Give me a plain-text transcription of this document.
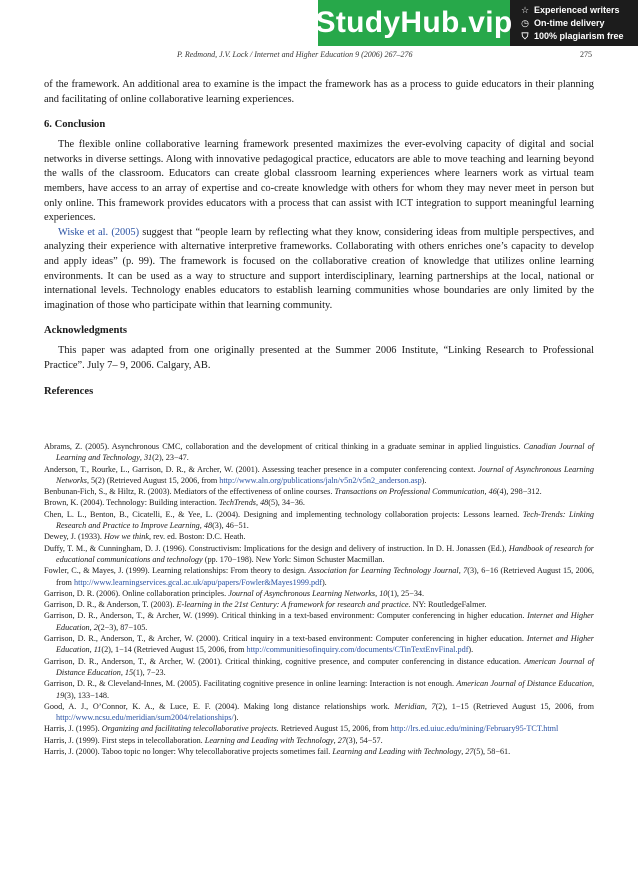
StudyHub.vip ☆ Experienced writers
◷ On-time delivery
⛉ 100% plagiarism free
P. Redmond, J.V. Lock / Internet and Higher Education 9 (2006) 267–276	275

of the framework. An additional area to examine is the impact the framework has as a process to guide educators in their planning and facilitating of online collaborative learning experiences.

6. Conclusion

The flexible online collaborative learning framework presented maximizes the ever-evolving capacity of digital and social networks in diverse settings. Along with innovative pedagogical practice, educators are able to move teaching and learning beyond the walls of the classroom. Educators can create global classroom learning experiences where learners work as virtual team members, have access to an array of expertise and co-create knowledge with others for whom they may never meet in person but only online. This framework provides educators with a process that can assist with ICT integration to support meaningful learning experiences.

Wiske et al. (2005) suggest that “people learn by reflecting what they know, considering ideas from multiple perspectives, and analyzing their experience with alternative interpretive frameworks. Collaborating with others enriches one’s capacity to develop and apply ideas” (p. 99). The framework is focused on the collaborative creation of knowledge that utilizes online learning environments. It can be used as a way to structure and support interdisciplinary, learning partnerships at the local, national or international levels. Technology enables educators to establish learning communities whose boundaries are only limited by the imagination of those who participate within that learning community.

Acknowledgments

This paper was adapted from one originally presented at the Summer 2006 Institute, “Linking Research to Professional Practice”. July 7– 9, 2006. Calgary, AB.

References

Abrams, Z. (2005). Asynchronous CMC, collaboration and the development of critical thinking in a graduate seminar in applied linguistics. Canadian Journal of Learning and Technology, 31(2), 23−47.

Anderson, T., Rourke, L., Garrison, D. R., & Archer, W. (2001). Assessing teacher presence in a computer conferencing context. Journal of Asynchronous Learning Networks, 5(2) (Retrieved August 15, 2006, from http://www.aln.org/publications/jaln/v5n2/v5n2_anderson.asp).

Benbunan-Fich, S., & Hiltz, R. (2003). Mediators of the effectiveness of online courses. Transactions on Professional Communication, 46(4), 298−312.

Brown, K. (2004). Technology: Building interaction. TechTrends, 48(5), 34−36.

Chen, L. L., Benton, B., Cicatelli, E., & Yee, L. (2004). Designing and implementing technology collaboration projects: Lessons learned. Tech-Trends: Linking Research and Practice to Improve Learning, 48(3), 46−51.

Dewey, J. (1933). How we think, rev. ed. Boston: D.C. Heath.

Duffy, T. M., & Cunningham, D. J. (1996). Constructivism: Implications for the design and delivery of instruction. In D. H. Jonassen (Ed.), Handbook of research for educational communications and technology (pp. 170−198). New York: Simon Schuster Macmillan.

Fowler, C., & Mayes, J. (1999). Learning relationships: From theory to design. Association for Learning Technology Journal, 7(3), 6−16 (Retrieved August 15, 2006, from http://www.learningservices.gcal.ac.uk/apu/papers/Fowler&Mayes1999.pdf).

Garrison, D. R. (2006). Online collaboration principles. Journal of Asynchronous Learning Networks, 10(1), 25−34.

Garrison, D. R., & Anderson, T. (2003). E-learning in the 21st Century: A framework for research and practice. NY: RoutledgeFalmer.

Garrison, D. R., Anderson, T., & Archer, W. (1999). Critical thinking in a text-based environment: Computer conferencing in higher education. Internet and Higher Education, 2(2−3), 87−105.

Garrison, D. R., Anderson, T., & Archer, W. (2000). Critical inquiry in a text-based environment: Computer conferencing in higher education. Internet and Higher Education, 11(2), 1−14 (Retrieved August 15, 2006, from http://communitiesofinquiry.com/documents/CTinTextEnvFinal.pdf).

Garrison, D. R., Anderson, T., & Archer, W. (2001). Critical thinking, cognitive presence, and computer conferencing in distance education. American Journal of Distance Education, 15(1), 7−23.

Garrison, D. R., & Cleveland-Innes, M. (2005). Facilitating cognitive presence in online learning: Interaction is not enough. American Journal of Distance Education, 19(3), 133−148.

Good, A. J., O’Connor, K. A., & Luce, E. F. (2004). Making long distance relationships work. Meridian, 7(2), 1−15 (Retrieved August 15, 2006, from http://www.ncsu.edu/meridian/sum2004/relationships/).

Harris, J. (1995). Organizing and facilitating telecollaborative projects. Retrieved August 15, 2006, from http://lrs.ed.uiuc.edu/mining/February95-TCT.html

Harris, J. (1999). First steps in telecollaboration. Learning and Leading with Technology, 27(3), 54−57.

Harris, J. (2000). Taboo topic no longer: Why telecollaborative projects sometimes fail. Learning and Leading with Technology, 27(5), 58−61.
